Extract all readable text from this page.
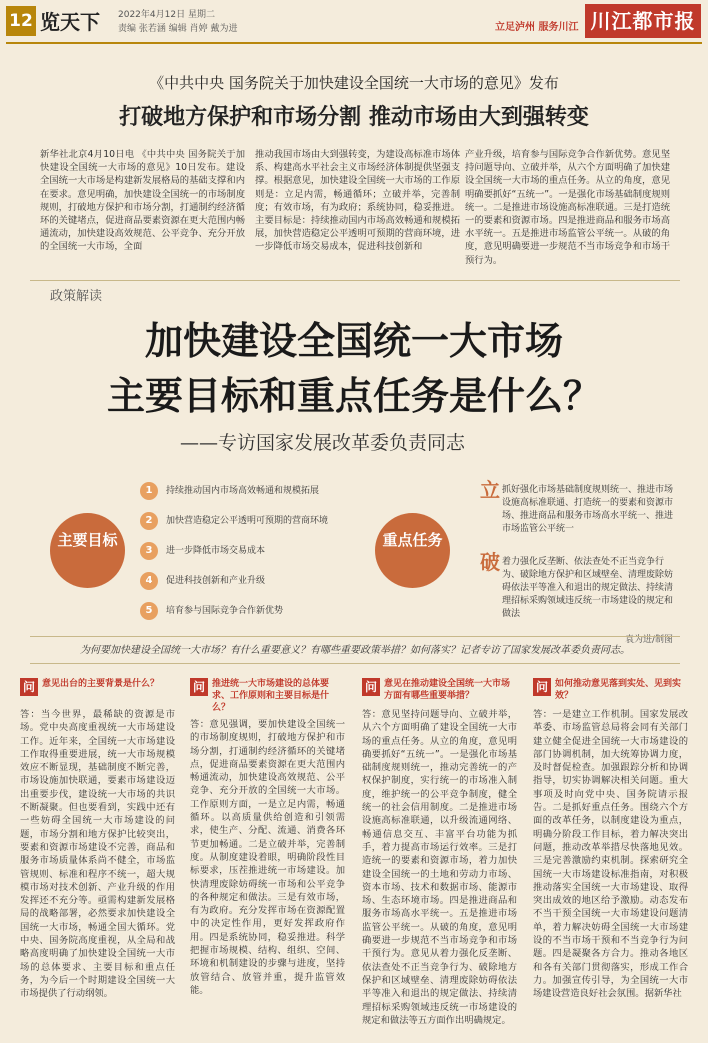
12 览天下 2022年4月12日 星期二
责编 张若涵 编辑 肖婷 戴为进	立足泸州 服务川江 川江都市报
《中共中央 国务院关于加快建设全国统一大市场的意见》发布
打破地方保护和市场分割 推动市场由大到强转变
新华社北京4月10日电 《中共中央 国务院关于加快建设全国统一大市场的意见》10日发布。建设全国统一大市场是构建新发展格局的基础支撑和内在要求。意见明确，加快建设全国统一的市场制度规则，打破地方保护和市场分割，打通制约经济循环的关键堵点，促进商品要素资源在更大范围内畅通流动，加快建设高效规范、公平竞争、充分开放的全国统一大市场，全面
推动我国市场由大到强转变，为建设高标准市场体系、构建高水平社会主义市场经济体制提供坚强支撑。根据意见，加快建设全国统一大市场的工作原则是：立足内需，畅通循环；立破并举，完善制度；有效市场，有为政府；系统协同，稳妥推进。主要目标是：持续推动国内市场高效畅通和规模拓展，加快营造稳定公平透明可预期的营商环境，进一步降低市场交易成本，促进科技创新和
产业升级，培育参与国际竞争合作新优势。意见坚持问题导向、立破并举，从六个方面明确了加快建设全国统一大市场的重点任务。从立的角度，意见明确要抓好“五统一”。一是强化市场基础制度规则统一。二是推进市场设施高标准联通。三是打造统一的要素和资源市场。四是推进商品和服务市场高水平统一。五是推进市场监管公平统一。从破的角度，意见明确要进一步规范不当市场竞争和市场干预行为。
政策解读
加快建设全国统一大市场
主要目标和重点任务是什么？
——专访国家发展改革委负责同志
主要目标
1 持续推动国内市场高效畅通和规模拓展
2 加快营造稳定公平透明可预期的营商环境
3 进一步降低市场交易成本
4 促进科技创新和产业升级
5 培育参与国际竞争合作新优势
重点任务
立 抓好强化市场基础制度规则统一、推进市场设施高标准联通、打造统一的要素和资源市场、推进商品和服务市场高水平统一、推进市场监管公平统一
破 着力强化反垄断、依法查处不正当竞争行为、破除地方保护和区域壁垒、清理废除妨碍依法平等准入和退出的规定做法、持续清理招标采购领域违反统一市场建设的规定和做法
袁为进/制图
为何要加快建设全国统一大市场？有什么重要意义？有哪些重要政策举措？如何落实？记者专访了国家发展改革委负责同志。
问 意见出台的主要背景是什么？
答：当今世界，最稀缺的资源是市场。党中央高度重视统一大市场建设工作。近年来，全国统一大市场建设工作取得重要进展，统一大市场规模效应不断显现，基础制度不断完善，市场设施加快联通，要素市场建设迈出重要步伐，建设统一大市场的共识不断凝聚。但也要看到，实践中还有一些妨碍全国统一大市场建设的问题，市场分割和地方保护比较突出，要素和资源市场建设不完善，商品和服务市场质量体系尚不健全，市场监管规则、标准和程序不统一，超大规模市场对技术创新、产业升级的作用发挥还不充分等。亟需构建新发展格局的战略部署，必然要求加快建设全国统一大市场，畅通全国大循环。党中央、国务院高度重视，从全局和战略高度明确了加快建设全国统一大市场的总体要求、主要目标和重点任务，为今后一个时期建设全国统一大市场提供了行动纲领。
问 推进统一大市场建设的总体要求、工作原则和主要目标是什么？
答：意见强调，要加快建设全国统一的市场制度规则，打破地方保护和市场分割，打通制约经济循环的关键堵点，促进商品要素资源在更大范围内畅通流动，加快建设高效规范、公平竞争、充分开放的全国统一大市场。工作原则方面，一是立足内需，畅通循环。以高质量供给创造和引领需求，使生产、分配、流通、消费各环节更加畅通。二是立破并举，完善制度。从制度建设着眼，明确阶段性目标要求，压茬推进统一市场建设。加快清理废除妨碍统一市场和公平竞争的各种规定和做法。三是有效市场，有为政府。充分发挥市场在资源配置中的决定性作用，更好发挥政府作用。四是系统协同，稳妥推进。科学把握市场规模、结构、组织、空间、环境和机制建设的步骤与进度，坚持放管结合、放管并重，提升监管效能。
问 意见在推动建设全国统一大市场方面有哪些重要举措？
答：意见坚持问题导向、立破并举，从六个方面明确了建设全国统一大市场的重点任务。从立的角度，意见明确要抓好“五统一”。一是强化市场基础制度规则统一，推动完善统一的产权保护制度，实行统一的市场准入制度，维护统一的公平竞争制度，健全统一的社会信用制度。二是推进市场设施高标准联通，以升级流通网络、畅通信息交互、丰富平台功能为抓手，着力提高市场运行效率。三是打造统一的要素和资源市场，着力加快建设全国统一的土地和劳动力市场、资本市场、技术和数据市场、能源市场、生态环境市场。四是推进商品和服务市场高水平统一。五是推进市场监管公平统一。从破的角度，意见明确要进一步规范不当市场竞争和市场干预行为。意见从着力强化反垄断、依法查处不正当竞争行为、破除地方保护和区域壁垒、清理废除妨碍依法平等准入和退出的规定做法、持续清理招标采购领域违反统一市场建设的规定和做法等五方面作出明确规定。
问 如何推动意见落到实处、见到实效？
答：一是建立工作机制。国家发展改革委、市场监管总局将会同有关部门建立健全促进全国统一大市场建设的部门协调机制，加大统筹协调力度，及时督促检查。加强跟踪分析和协调指导，切实协调解决相关问题。重大事项及时向党中央、国务院请示报告。二是抓好重点任务。围绕六个方面的改革任务，以制度建设为重点，明确分阶段工作目标，着力解决突出问题，推动改革举措尽快落地见效。三是完善激励约束机制。探索研究全国统一大市场建设标准指南，对积极推动落实全国统一大市场建设、取得突出成效的地区给予激励。动态发布不当干预全国统一大市场建设问题清单，着力解决妨碍全国统一大市场建设的不当市场干预和不当竞争行为问题。四是凝聚各方合力。推动各地区和各有关部门贯彻落实，形成工作合力。加强宣传引导，为全国统一大市场建设营造良好社会氛围。据新华社
